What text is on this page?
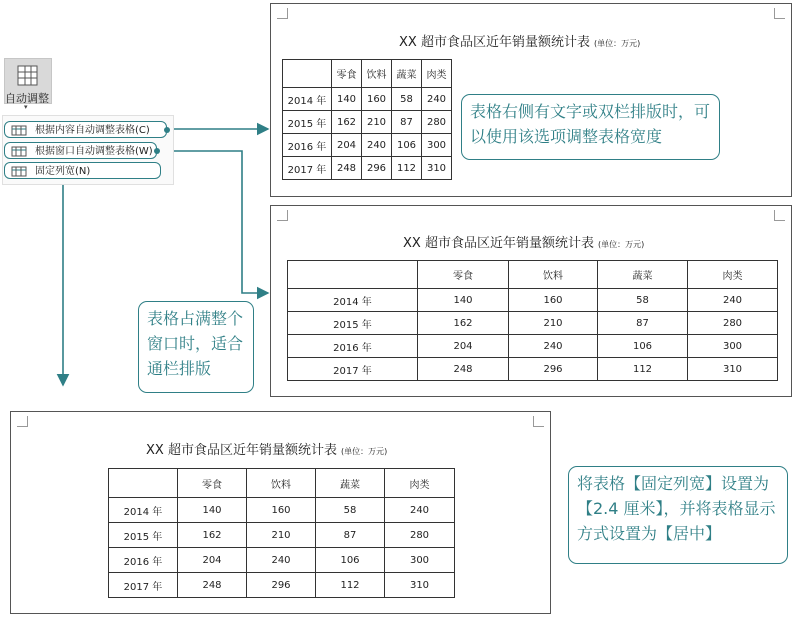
自动调整
▾
根据内容自动调整表格(C)
根据窗口自动调整表格(W)
固定列宽(N)
XX 超市食品区近年销量额统计表 (单位：万元)
	零食	饮料	蔬菜	肉类
2014 年	140	160	58	240
2015 年	162	210	87	280
2016 年	204	240	106	300
2017 年	248	296	112	310
表格右侧有文字或双栏排版时，可以使用该选项调整表格宽度
XX 超市食品区近年销量额统计表 (单位：万元)
	零食	饮料	蔬菜	肉类
2014 年	140	160	58	240
2015 年	162	210	87	280
2016 年	204	240	106	300
2017 年	248	296	112	310
表格占满整个窗口时，适合通栏排版
XX 超市食品区近年销量额统计表 (单位：万元)
	零食	饮料	蔬菜	肉类
2014 年	140	160	58	240
2015 年	162	210	87	280
2016 年	204	240	106	300
2017 年	248	296	112	310
将表格【固定列宽】设置为【2.4 厘米】，并将表格显示方式设置为【居中】
